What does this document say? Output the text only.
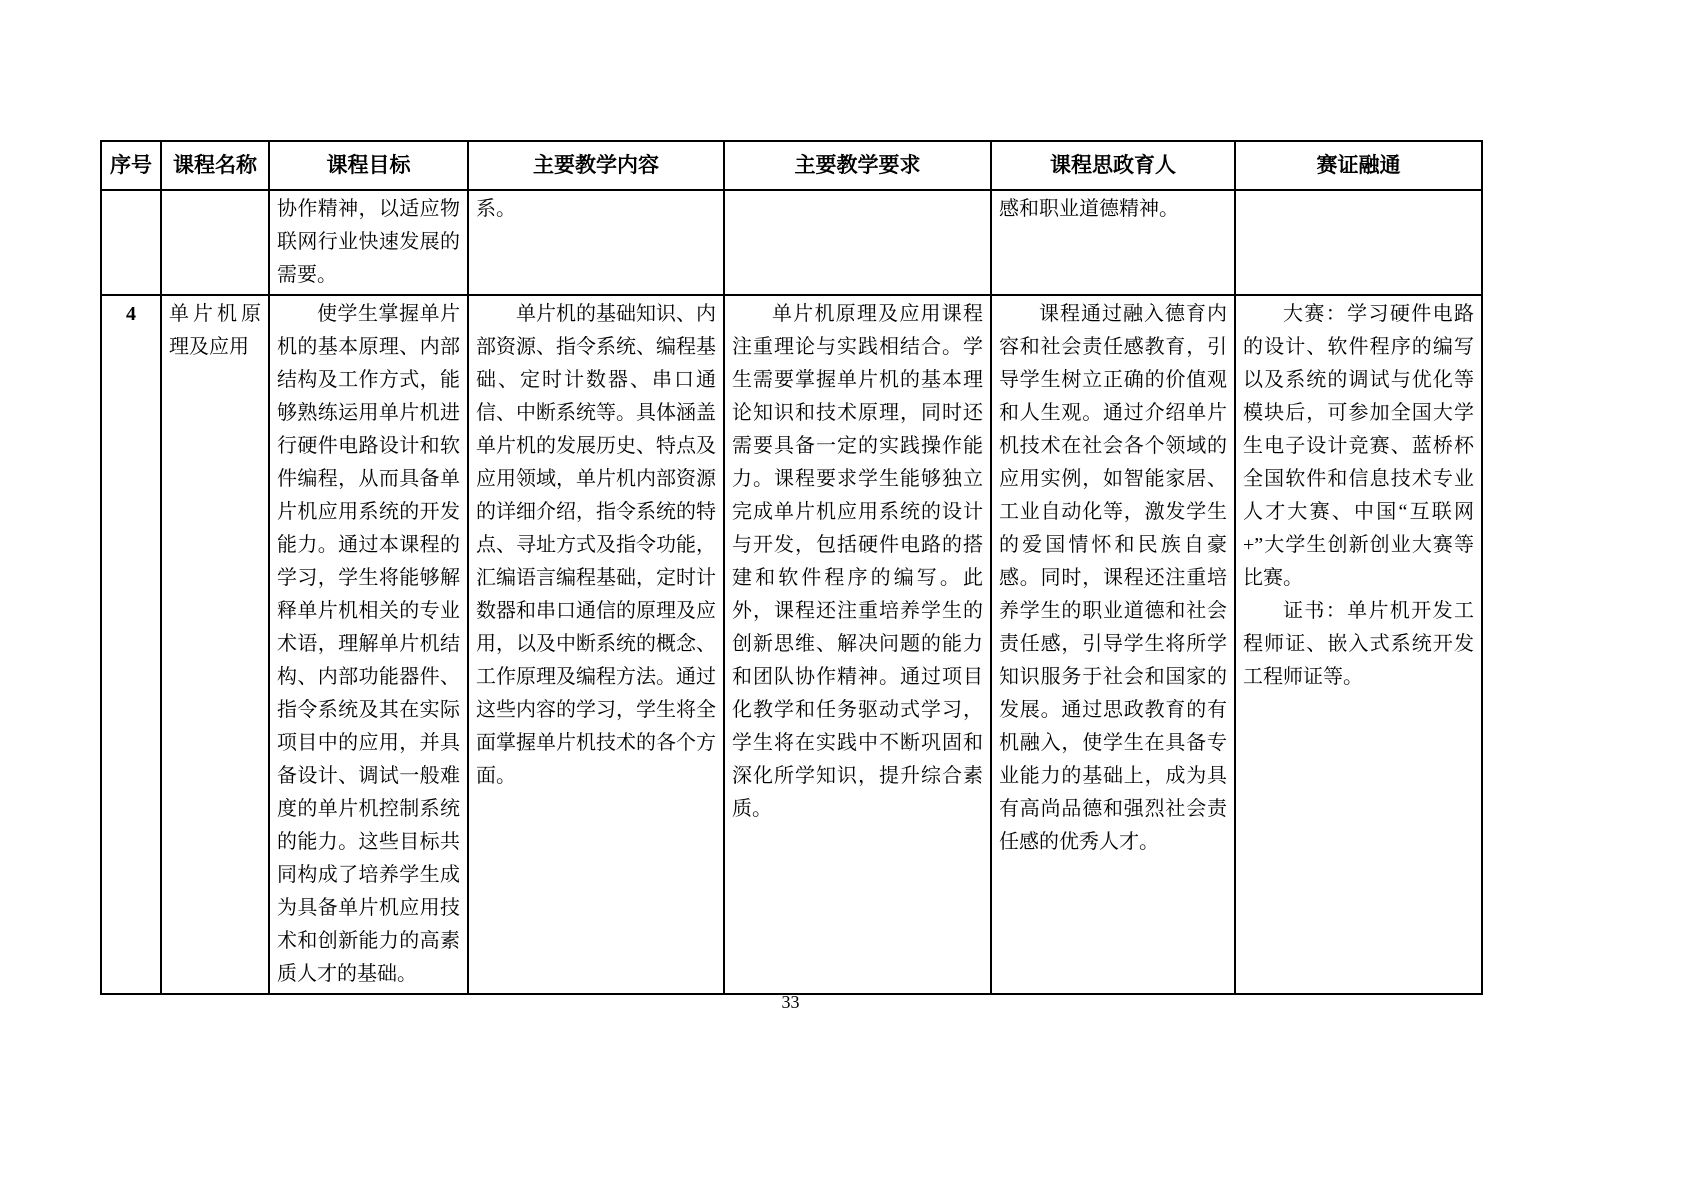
序号	课程名称	课程目标	主要教学内容	主要教学要求	课程思政育人	赛证融通

		协作精神，以适应物联网行业快速发展的需要。	系。		感和职业道德精神。	

4	单片机原理及应用	使学生掌握单片机的基本原理、内部结构及工作方式，能够熟练运用单片机进行硬件电路设计和软件编程，从而具备单片机应用系统的开发能力。通过本课程的学习，学生将能够解释单片机相关的专业术语，理解单片机结构、内部功能器件、指令系统及其在实际项目中的应用，并具备设计、调试一般难度的单片机控制系统的能力。这些目标共同构成了培养学生成为具备单片机应用技术和创新能力的高素质人才的基础。	单片机的基础知识、内部资源、指令系统、编程基础、定时计数器、串口通信、中断系统等。具体涵盖单片机的发展历史、特点及应用领域，单片机内部资源的详细介绍，指令系统的特点、寻址方式及指令功能，汇编语言编程基础，定时计数器和串口通信的原理及应用，以及中断系统的概念、工作原理及编程方法。通过这些内容的学习，学生将全面掌握单片机技术的各个方面。	单片机原理及应用课程注重理论与实践相结合。学生需要掌握单片机的基本理论知识和技术原理，同时还需要具备一定的实践操作能力。课程要求学生能够独立完成单片机应用系统的设计与开发，包括硬件电路的搭建和软件程序的编写。此外，课程还注重培养学生的创新思维、解决问题的能力和团队协作精神。通过项目化教学和任务驱动式学习，学生将在实践中不断巩固和深化所学知识，提升综合素质。	课程通过融入德育内容和社会责任感教育，引导学生树立正确的价值观和人生观。通过介绍单片机技术在社会各个领域的应用实例，如智能家居、工业自动化等，激发学生的爱国情怀和民族自豪感。同时，课程还注重培养学生的职业道德和社会责任感，引导学生将所学知识服务于社会和国家的发展。通过思政教育的有机融入，使学生在具备专业能力的基础上，成为具有高尚品德和强烈社会责任感的优秀人才。	大赛：学习硬件电路的设计、软件程序的编写以及系统的调试与优化等模块后，可参加全国大学生电子设计竞赛、蓝桥杯全国软件和信息技术专业人才大赛、中国“互联网+”大学生创新创业大赛等比赛。

证书：单片机开发工程师证、嵌入式系统开发工程师证等。

33
